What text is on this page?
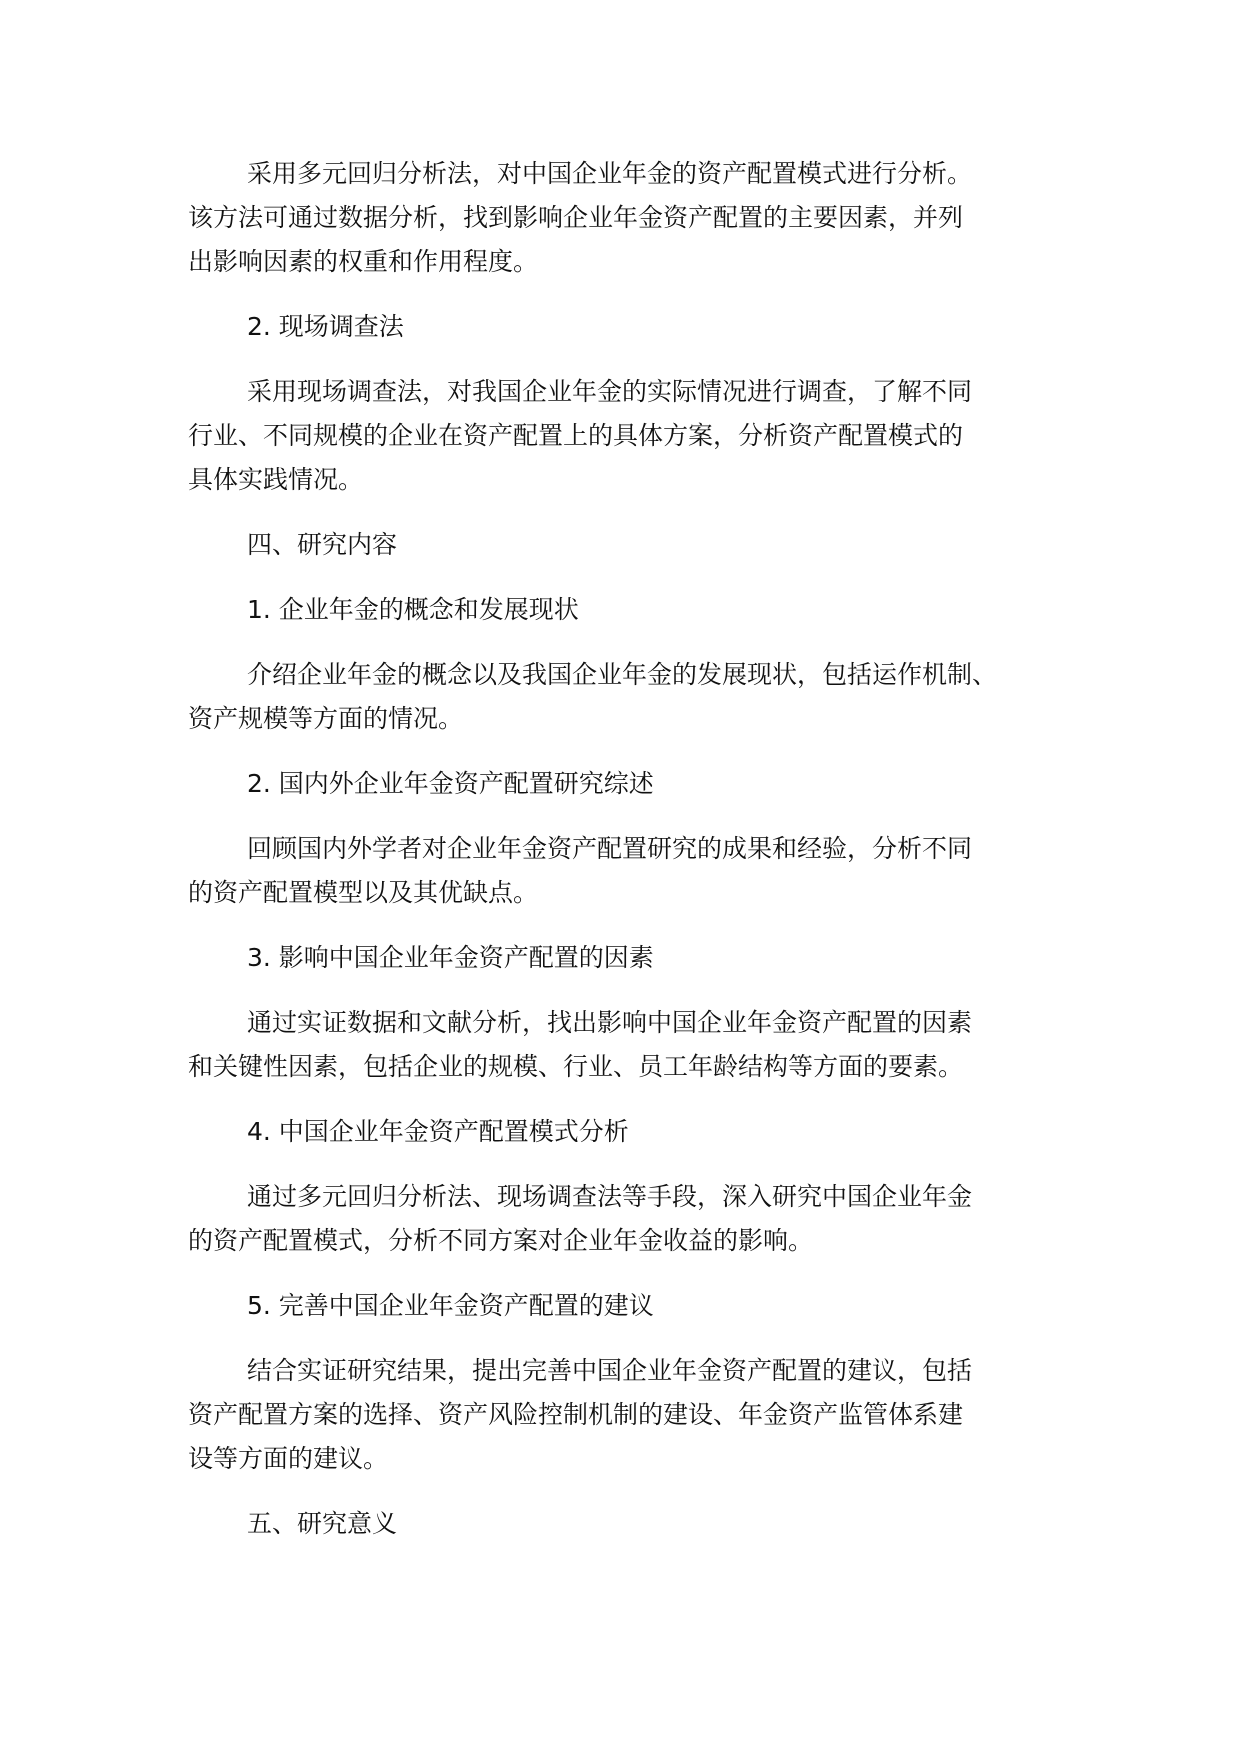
采用多元回归分析法，对中国企业年金的资产配置模式进行分析。
该方法可通过数据分析，找到影响企业年金资产配置的主要因素，并列
出影响因素的权重和作用程度。
2. 现场调查法
采用现场调查法，对我国企业年金的实际情况进行调查，了解不同
行业、不同规模的企业在资产配置上的具体方案，分析资产配置模式的
具体实践情况。
四、研究内容
1. 企业年金的概念和发展现状
介绍企业年金的概念以及我国企业年金的发展现状，包括运作机制、
资产规模等方面的情况。
2. 国内外企业年金资产配置研究综述
回顾国内外学者对企业年金资产配置研究的成果和经验，分析不同
的资产配置模型以及其优缺点。
3. 影响中国企业年金资产配置的因素
通过实证数据和文献分析，找出影响中国企业年金资产配置的因素
和关键性因素，包括企业的规模、行业、员工年龄结构等方面的要素。
4. 中国企业年金资产配置模式分析
通过多元回归分析法、现场调查法等手段，深入研究中国企业年金
的资产配置模式，分析不同方案对企业年金收益的影响。
5. 完善中国企业年金资产配置的建议
结合实证研究结果，提出完善中国企业年金资产配置的建议，包括
资产配置方案的选择、资产风险控制机制的建设、年金资产监管体系建
设等方面的建议。
五、研究意义
